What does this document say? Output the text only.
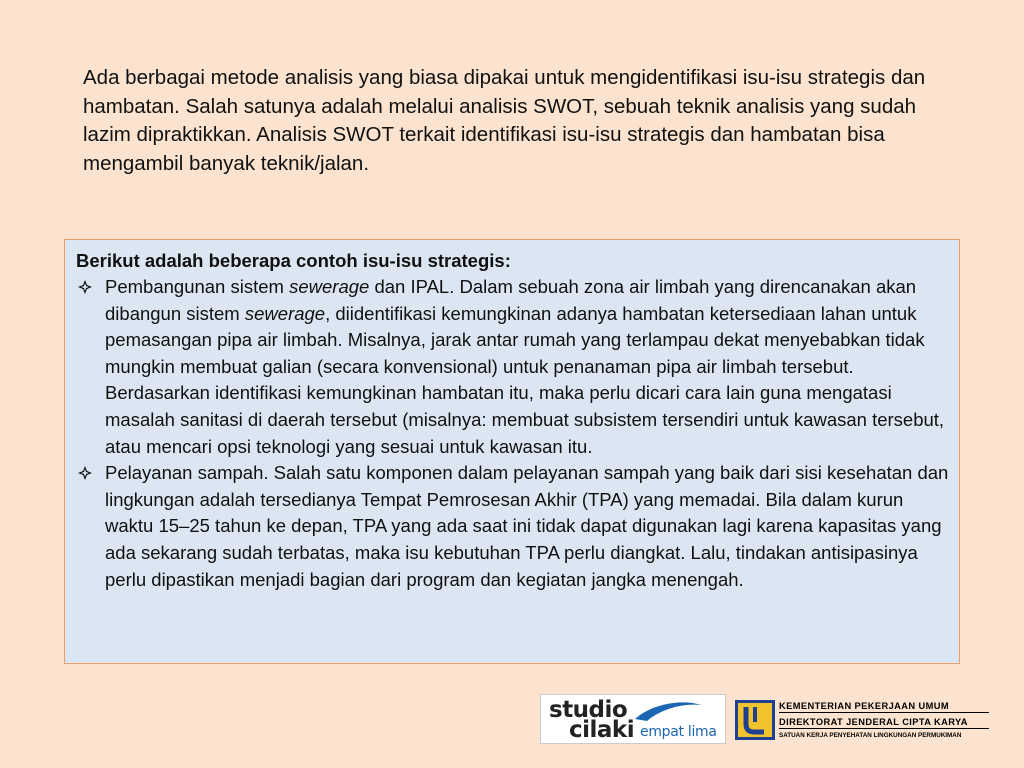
Ada berbagai metode analisis yang biasa dipakai untuk mengidentifikasi isu-isu strategis dan hambatan. Salah satunya adalah melalui analisis SWOT, sebuah teknik analisis yang sudah lazim dipraktikkan. Analisis SWOT terkait identifikasi isu-isu strategis dan hambatan bisa mengambil banyak teknik/jalan.

Berikut adalah beberapa contoh isu-isu strategis:

Pembangunan sistem sewerage dan IPAL. Dalam sebuah zona air limbah yang direncanakan akan dibangun sistem sewerage, diidentifikasi kemungkinan adanya hambatan ketersediaan lahan untuk pemasangan pipa air limbah. Misalnya, jarak antar rumah yang terlampau dekat menyebabkan tidak mungkin membuat galian (secara konvensional) untuk penanaman pipa air limbah tersebut. Berdasarkan identifikasi kemungkinan hambatan itu, maka perlu dicari cara lain guna mengatasi masalah sanitasi di daerah tersebut (misalnya: membuat subsistem tersendiri untuk kawasan tersebut, atau mencari opsi teknologi yang sesuai untuk kawasan itu.
Pelayanan sampah. Salah satu komponen dalam pelayanan sampah yang baik dari sisi kesehatan dan lingkungan adalah tersedianya Tempat Pemrosesan Akhir (TPA) yang memadai. Bila dalam kurun waktu 15–25 tahun ke depan, TPA yang ada saat ini tidak dapat digunakan lagi karena kapasitas yang ada sekarang sudah terbatas, maka isu kebutuhan TPA perlu diangkat. Lalu, tindakan antisipasinya perlu dipastikan menjadi bagian dari program dan kegiatan jangka menengah.
studio
cilaki empat lima
KEMENTERIAN PEKERJAAN UMUM
DIREKTORAT JENDERAL CIPTA KARYA
SATUAN KERJA PENYEHATAN LINGKUNGAN PERMUKIMAN
